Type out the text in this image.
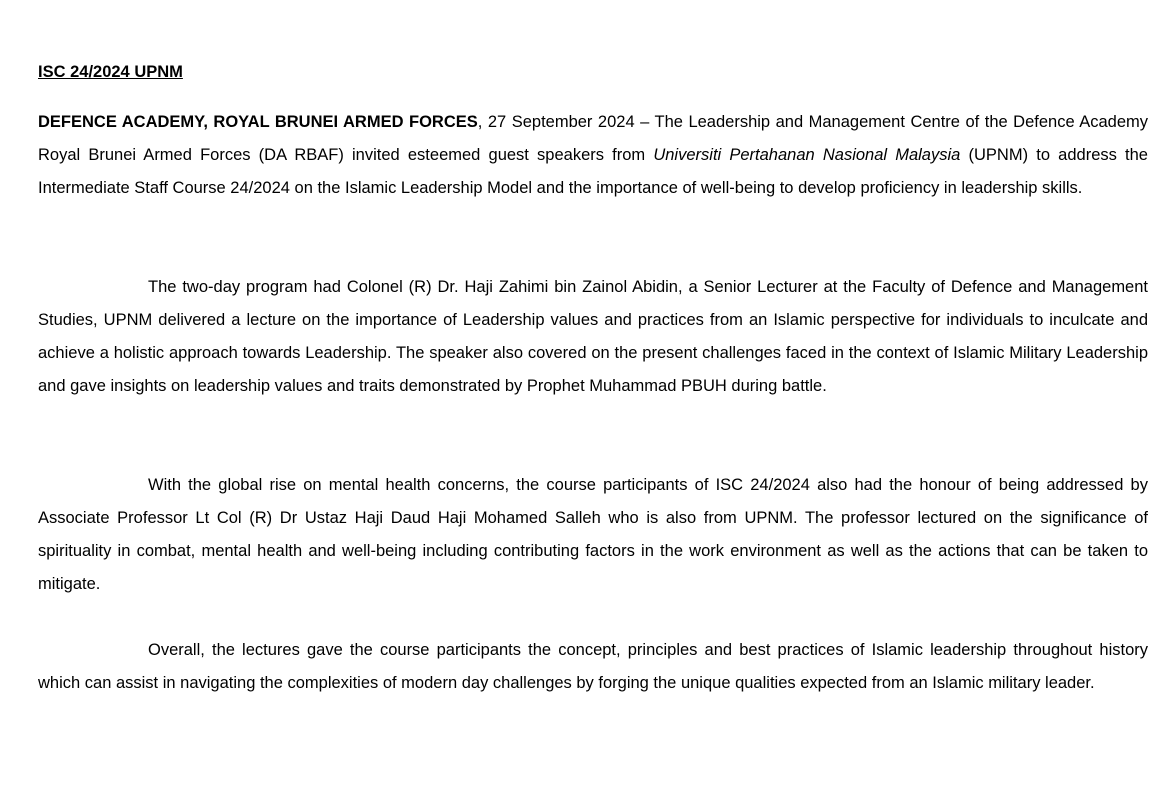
ISC 24/2024 UPNM

DEFENCE ACADEMY, ROYAL BRUNEI ARMED FORCES, 27 September 2024 – The Leadership and Management Centre of the Defence Academy Royal Brunei Armed Forces (DA RBAF) invited esteemed guest speakers from Universiti Pertahanan Nasional Malaysia (UPNM) to address the Intermediate Staff Course 24/2024 on the Islamic Leadership Model and the importance of well-being to develop proficiency in leadership skills.

The two-day program had Colonel (R) Dr. Haji Zahimi bin Zainol Abidin, a Senior Lecturer at the Faculty of Defence and Management Studies, UPNM delivered a lecture on the importance of Leadership values and practices from an Islamic perspective for individuals to inculcate and achieve a holistic approach towards Leadership. The speaker also covered on the present challenges faced in the context of Islamic Military Leadership and gave insights on leadership values and traits demonstrated by Prophet Muhammad PBUH during battle.

With the global rise on mental health concerns, the course participants of ISC 24/2024 also had the honour of being addressed by Associate Professor Lt Col (R) Dr Ustaz Haji Daud Haji Mohamed Salleh who is also from UPNM. The professor lectured on the significance of spirituality in combat, mental health and well-being including contributing factors in the work environment as well as the actions that can be taken to mitigate.

Overall, the lectures gave the course participants the concept, principles and best practices of Islamic leadership throughout history which can assist in navigating the complexities of modern day challenges by forging the unique qualities expected from an Islamic military leader.
